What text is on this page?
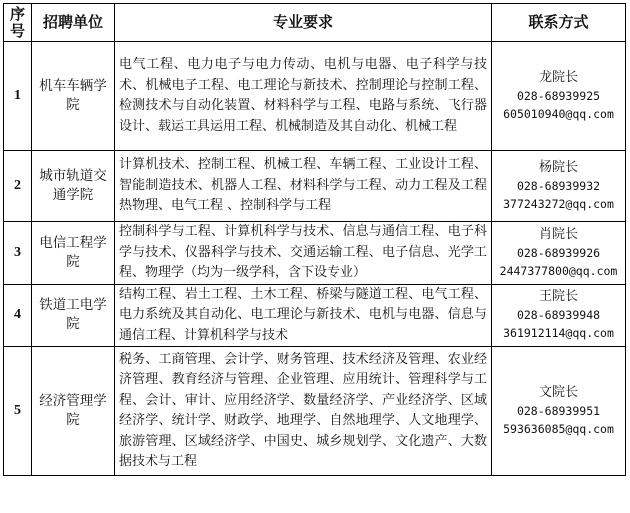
序号	招聘单位	专业要求	联系方式
1	机车车辆学院	电气工程、电力电子与电力传动、电机与电器、电子科学与技术、机械电子工程、电工理论与新技术、控制理论与控制工程、检测技术与自动化装置、材料科学与工程、电路与系统、飞行器设计、载运工具运用工程、机械制造及其自动化、机械工程	龙院长
028-68939925
605010940@qq.com

2	城市轨道交通学院	计算机技术、控制工程、机械工程、车辆工程、工业设计工程、智能制造技术、机器人工程、材料科学与工程、动力工程及工程热物理、电气工程 、控制科学与工程	杨院长
028-68939932
377243272@qq.com

3	电信工程学院	控制科学与工程、计算机科学与技术、信息与通信工程、电子科学与技术、仪器科学与技术、交通运输工程、电子信息、光学工程、物理学（均为一级学科，含下设专业）	肖院长
028-68939926
2447377800@qq.com

4	铁道工电学院	结构工程、岩土工程、土木工程、桥梁与隧道工程、电气工程、电力系统及其自动化、电工理论与新技术、电机与电器、信息与通信工程、计算机科学与技术	王院长
028-68939948
361912114@qq.com

5	经济管理学院	税务、工商管理、会计学、财务管理、技术经济及管理、农业经济管理、教育经济与管理、企业管理、应用统计、管理科学与工程、会计、审计、应用经济学、数量经济学、产业经济学、区域经济学、统计学、财政学、地理学、自然地理学、人文地理学、旅游管理、区域经济学、中国史、城乡规划学、文化遗产、大数据技术与工程	文院长
028-68939951
593636085@qq.com
